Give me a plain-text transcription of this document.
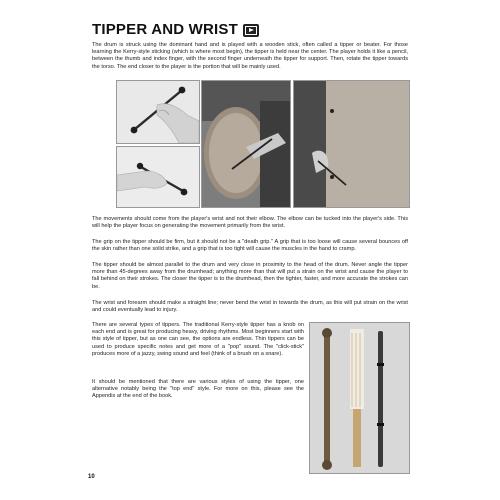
TIPPER AND WRIST

The drum is struck using the dominant hand and is played with a wooden stick, often called a tipper or beater. For those learning the Kerry-style sticking (which is where most begin), the tipper is held near the center. The player holds it like a pencil, between the thumb and index finger, with the second finger underneath the tipper for support. Then, rotate the tipper towards the torso. The end closer to the player is the portion that will be mainly used.

The movements should come from the player's wrist and not their elbow. The elbow can be tucked into the player's side. This will help the player focus on generating the movement primarily from the wrist.

The grip on the tipper should be firm, but it should not be a "death grip." A grip that is too loose will cause several bounces off the skin rather than one solid strike, and a grip that is too tight will cause the muscles in the hand to cramp.

The tipper should be almost parallel to the drum and very close in proximity to the head of the drum. Never angle the tipper more than 45-degrees away from the drumhead; anything more than that will put a strain on the wrist and cause the player to fall behind on their strokes. The closer the tipper is to the drumhead, then the tighter, faster, and more accurate the strokes can be.

The wrist and forearm should make a straight line; never bend the wrist in towards the drum, as this will put strain on the wrist and could eventually lead to injury.

There are several types of tippers. The traditional Kerry-style tipper has a knob on each end and is great for producing heavy, driving rhythms. Most beginners start with this style of tipper, but as one can see, the options are endless. Thin tippers can be used to produce specific notes and get more of a "pop" sound. The "click-stick" produces more of a jazzy, swing sound and feel (think of a brush on a snare).

It should be mentioned that there are various styles of using the tipper, one alternative notably being the "top end" style. For more on this, please see the Appendix at the end of the book.

10
